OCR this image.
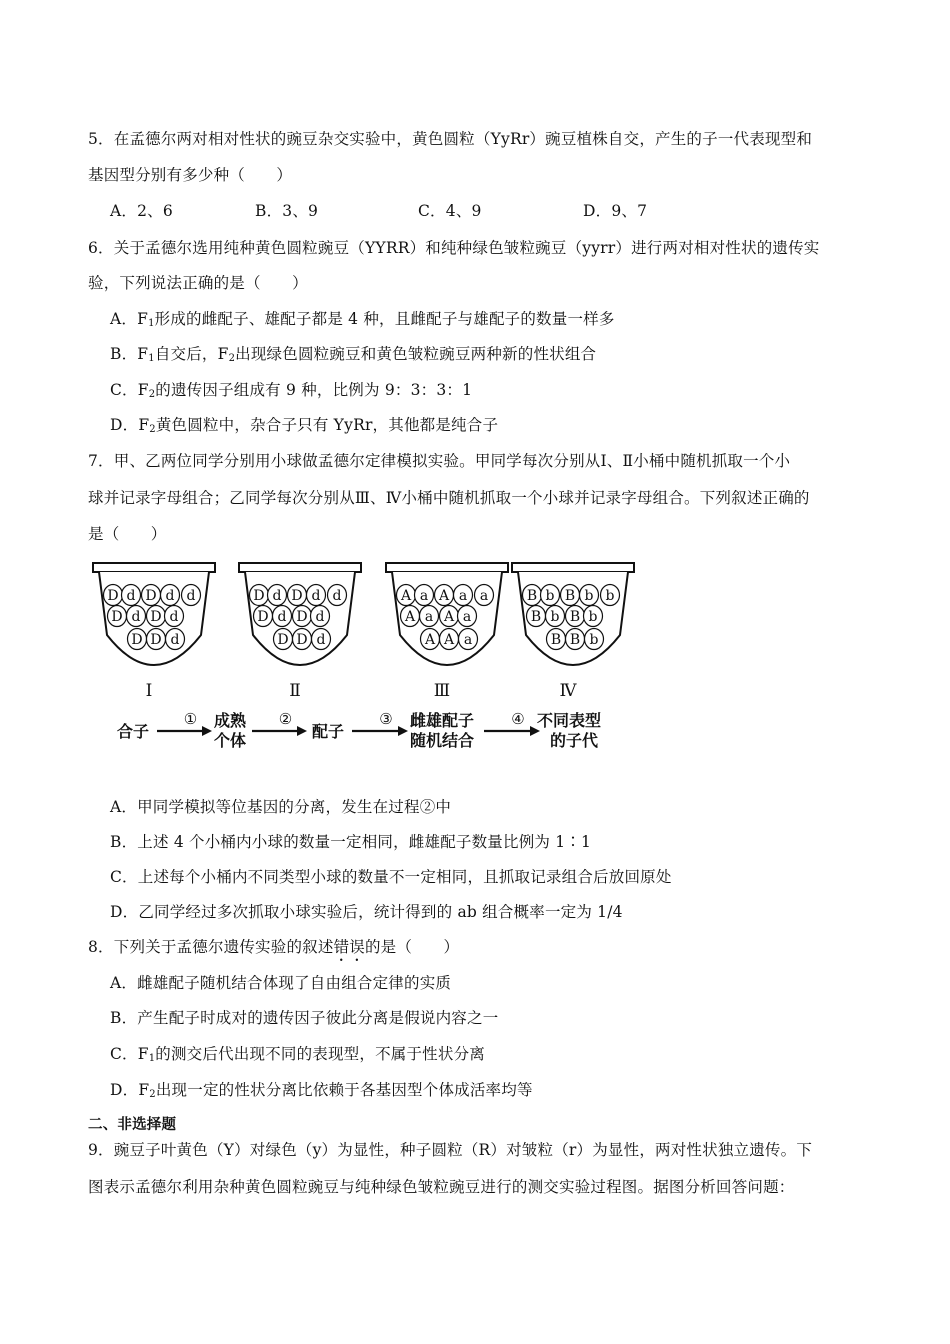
5．在孟德尔两对相对性状的豌豆杂交实验中，黄色圆粒（YyRr）豌豆植株自交，产生的子一代表现型和
基因型分别有多少种（　　）
A．2、6	B．3、9	C．4、9	D．9、7
6．关于孟德尔选用纯种黄色圆粒豌豆（YYRR）和纯种绿色皱粒豌豆（yyrr）进行两对相对性状的遗传实
验，下列说法正确的是（　　）
A．$F_1$形成的雌配子、雄配子都是 4 种，且雌配子与雄配子的数量一样多
B．$F_1$自交后，$F_2$出现绿色圆粒豌豆和黄色皱粒豌豆两种新的性状组合
C．$F_2$的遗传因子组成有 9 种，比例为 9：3：3：1
D．$F_2$黄色圆粒中，杂合子只有 YyRr，其他都是纯合子
7．甲、乙两位同学分别用小球做孟德尔定律模拟实验。甲同学每次分别从Ⅰ、Ⅱ小桶中随机抓取一个小
球并记录字母组合；乙同学每次分别从Ⅲ、Ⅳ小桶中随机抓取一个小球并记录字母组合。下列叙述正确的
是（　　）
D d D d d
D d D d
D D d
Ⅰ
D d D d d
D d D d
D D d
Ⅱ
A a A a a
A a A a
A A a
Ⅲ
B b B b b
B b B b
B B b
Ⅳ
合子
① 成熟
个体
②
配子
③ 雌雄配子
随机结合
④ 不同表型
的子代
A．甲同学模拟等位基因的分离，发生在过程②中
B．上述 4 个小桶内小球的数量一定相同，雌雄配子数量比例为 1∶1
C．上述每个小桶内不同类型小球的数量不一定相同，且抓取记录组合后放回原处
D．乙同学经过多次抓取小球实验后，统计得到的 ab 组合概率一定为 1/4
8．下列关于孟德尔遗传实验的叙述错误的是（　　）
A．雌雄配子随机结合体现了自由组合定律的实质
B．产生配子时成对的遗传因子彼此分离是假说内容之一
C．$F_1$的测交后代出现不同的表现型，不属于性状分离
D．$F_2$出现一定的性状分离比依赖于各基因型个体成活率均等
二、非选择题
9．豌豆子叶黄色（Y）对绿色（y）为显性，种子圆粒（R）对皱粒（r）为显性，两对性状独立遗传。下
图表示孟德尔利用杂种黄色圆粒豌豆与纯种绿色皱粒豌豆进行的测交实验过程图。据图分析回答问题：
